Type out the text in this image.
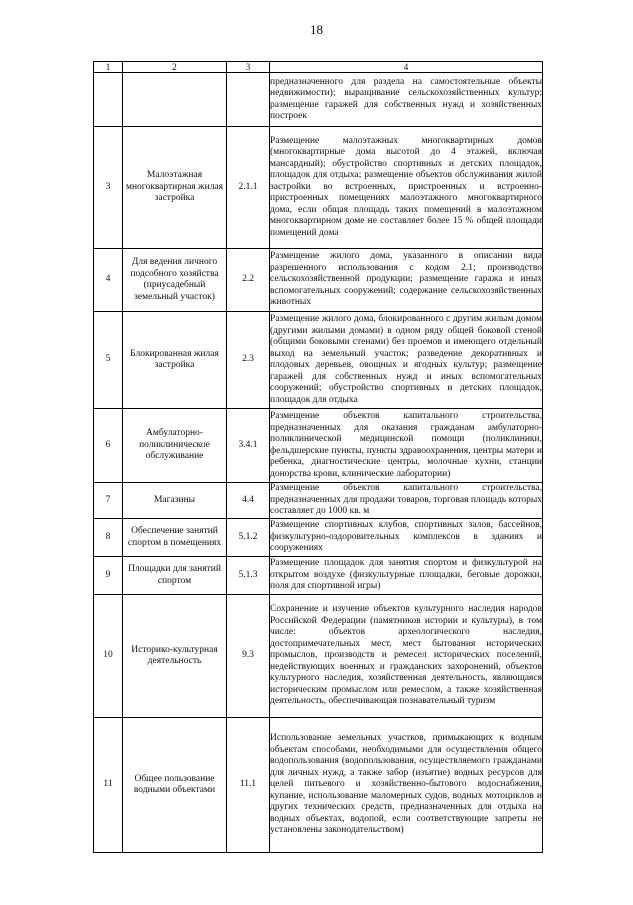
18
1	2	3	4
			предназначенного для раздела на самостоятельные объекты недвижимости); выращивание сельскохозяйственных культур; размещение гаражей для собственных нужд и хозяйственных построек
3	Малоэтажная многоквартирная жилая застройка	2.1.1	Размещение малоэтажных многоквартирных домов (многоквартирные дома высотой до 4 этажей, включая мансардный); обустройство спортивных и детских площадок, площадок для отдыха; размещение объектов обслуживания жилой застройки во встроенных, пристроенных и встроенно-пристроенных помещениях малоэтажного многоквартирного дома, если общая площадь таких помещений в малоэтажном многоквартирном доме не составляет более 15 % общей площади помещений дома
4	Для ведения личного подсобного хозяйства (приусадебный земельный участок)	2.2	Размещение жилого дома, указанного в описании вида разрешенного использования с кодом 2.1; производство сельскохозяйственной продукции; размещение гаража и иных вспомогательных сооружений; содержание сельскохозяйственных животных
5	Блокированная жилая застройка	2.3	Размещение жилого дома, блокированного с другим жилым домом (другими жилыми домами) в одном ряду общей боковой стеной (общими боковыми стенами) без проемов и имеющего отдельный выход на земельный участок; разведение декоративных и плодовых деревьев, овощных и ягодных культур; размещение гаражей для собственных нужд и иных вспомогательных сооружений; обустройство спортивных и детских площадок, площадок для отдыха
6	Амбулаторно-поликлиническое обслуживание	3.4.1	Размещение объектов капитального строительства, предназначенных для оказания гражданам амбулаторно-поликлинической медицинской помощи (поликлиники, фельдшерские пункты, пункты здравоохранения, центры матери и ребенка, диагностические центры, молочные кухни, станции донорства крови, клинические лаборатории)
7	Магазины	4.4	Размещение объектов капитального строительства, предназначенных для продажи товаров, торговая площадь которых составляет до 1000 кв. м
8	Обеспечение занятий спортом в помещениях	5.1.2	Размещение спортивных клубов, спортивных залов, бассейнов, физкультурно-оздоровительных комплексов в зданиях и сооружениях
9	Площадки для занятий спортом	5.1.3	Размещение площадок для занятия спортом и физкультурой на открытом воздухе (физкультурные площадки, беговые дорожки, поля для спортивной игры)
10	Историко-культурная деятельность	9.3	Сохранение и изучение объектов культурного наследия народов Российской Федерации (памятников истории и культуры), в том числе: объектов археологического наследия, достопримечательных мест, мест бытования исторических промыслов, производств и ремесел исторических поселений, недействующих военных и гражданских захоронений, объектов культурного наследия, хозяйственная деятельность, являющаяся историческим промыслом или ремеслом, а также хозяйственная деятельность, обеспечивающая познавательный туризм
11	Общее пользование водными объектами	11.1	Использование земельных участков, примыкающих к водным объектам способами, необходимыми для осуществления общего водопользования (водопользования, осуществляемого гражданами для личных нужд, а также забор (изъятие) водных ресурсов для целей питьевого и хозяйственно-бытового водоснабжения, купание, использование маломерных судов, водных мотоциклов и других технических средств, предназначенных для отдыха на водных объектах, водопой, если соответствующие запреты не установлены законодательством)
